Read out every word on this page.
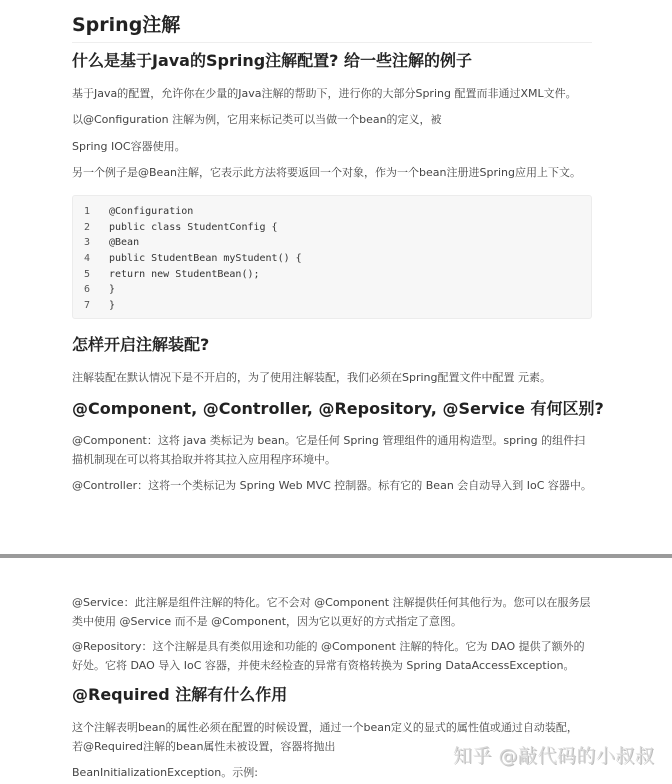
Spring注解
什么是基于Java的Spring注解配置? 给一些注解的例子

基于Java的配置，允许你在少量的Java注解的帮助下，进行你的大部分Spring 配置而非通过XML文件。

以@Configuration 注解为例，它用来标记类可以当做一个bean的定义，被

Spring IOC容器使用。

另一个例子是@Bean注解，它表示此方法将要返回一个对象，作为一个bean注册进Spring应用上下文。

1	@Configuration
2	public class StudentConfig {
3	@Bean
4	public StudentBean myStudent() {
5	return new StudentBean();
6	}
7	}
怎样开启注解装配?

注解装配在默认情况下是不开启的，为了使用注解装配，我们必须在Spring配置文件中配置 元素。

@Component, @Controller, @Repository, @Service 有何区别?

@Component：这将 java 类标记为 bean。它是任何 Spring 管理组件的通用构造型。spring 的组件扫描机制现在可以将其拾取并将其拉入应用程序环境中。

@Controller：这将一个类标记为 Spring Web MVC 控制器。标有它的 Bean 会自动导入到 IoC 容器中。

@Service：此注解是组件注解的特化。它不会对 @Component 注解提供任何其他行为。您可以在服务层类中使用 @Service 而不是 @Component，因为它以更好的方式指定了意图。

@Repository：这个注解是具有类似用途和功能的 @Component 注解的特化。它为 DAO 提供了额外的好处。它将 DAO 导入 IoC 容器，并使未经检查的异常有资格转换为 Spring DataAccessException。

@Required 注解有什么作用

这个注解表明bean的属性必须在配置的时候设置，通过一个bean定义的显式的属性值或通过自动装配，若@Required注解的bean属性未被设置，容器将抛出

BeanInitializationException。示例:

知乎 @敲代码的小叔叔
